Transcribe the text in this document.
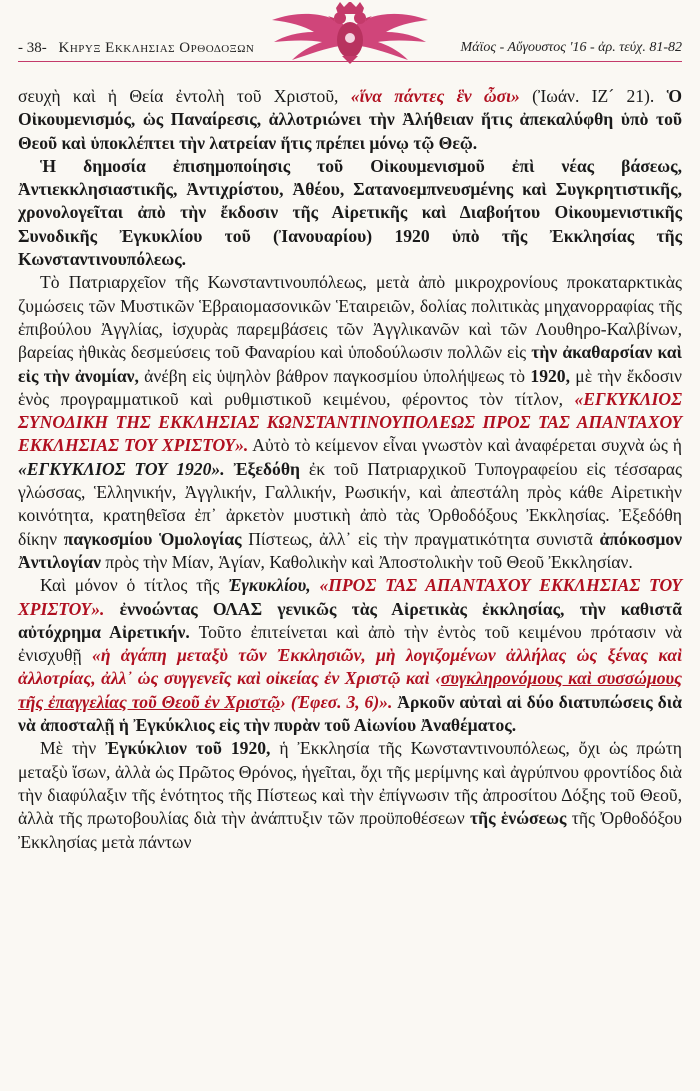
- 38- Κηρυξ Εκκλησιας Ορθοδοξων	Μάϊος - Αὔγουστος '16 - ἀρ. τεύχ. 81-82

σευχὴ καὶ ἡ Θεία ἐντολὴ τοῦ Χριστοῦ, «ἵνα πάντες ἓν ὦσι» (Ἰωάν. ΙΖ´ 21). Ὁ Οἰκουμενισμός, ὡς Παναίρεσις, ἀλλοτριώνει τὴν Ἀλήθειαν ἥτις ἀπεκαλύφθη ὑπὸ τοῦ Θεοῦ καὶ ὑποκλέπτει τὴν λατρείαν ἥτις πρέπει μόνῳ τῷ Θεῷ.

Ἡ δημοσία ἐπισημοποίησις τοῦ Οἰκουμενισμοῦ ἐπὶ νέας βάσεως, Ἀντιεκκλησιαστικῆς, Ἀντιχρίστου, Ἀθέου, Σατανοεμπνευσμένης καὶ Συγκρητιστικῆς, χρονολογεῖται ἀπὸ τὴν ἔκδοσιν τῆς Αἰρετικῆς καὶ Διαβοήτου Οἰκουμενιστικῆς Συνοδικῆς Ἐγκυκλίου τοῦ (Ἰανουαρίου) 1920 ὑπὸ τῆς Ἐκκλησίας τῆς Κωνσταντινουπόλεως.

Τὸ Πατριαρχεῖον τῆς Κωνσταντινουπόλεως, μετὰ ἀπὸ μικροχρονίους προκαταρκτικὰς ζυμώσεις τῶν Μυστικῶν Ἑβραιομασονικῶν Ἑταιρειῶν, δολίας πολιτικὰς μηχανορραφίας τῆς ἐπιβούλου Ἀγγλίας, ἰσχυρὰς παρεμβάσεις τῶν Ἀγγλικανῶν καὶ τῶν Λουθηρο-Καλβίνων, βαρείας ἠθικὰς δεσμεύσεις τοῦ Φαναρίου καὶ ὑποδούλωσιν πολλῶν εἰς τὴν ἀκαθαρσίαν καὶ εἰς τὴν ἀνομίαν, ἀνέβη εἰς ὑψηλὸν βάθρον παγκοσμίου ὑπολήψεως τὸ 1920, μὲ τὴν ἔκδοσιν ἑνὸς προγραμματικοῦ καὶ ρυθμιστικοῦ κειμένου, φέροντος τὸν τίτλον, «ΕΓΚΥΚΛΙΟΣ ΣΥΝΟΔΙΚΗ ΤΗΣ ΕΚΚΛΗΣΙΑΣ ΚΩΝΣΤΑΝΤΙΝΟΥΠΟΛΕΩΣ ΠΡΟΣ ΤΑΣ ΑΠΑΝΤΑΧΟΥ ΕΚΚΛΗΣΙΑΣ ΤΟΥ ΧΡΙΣΤΟΥ». Αὐτὸ τὸ κείμενον εἶναι γνωστὸν καὶ ἀναφέρεται συχνὰ ὡς ἡ «ΕΓΚΥΚΛΙΟΣ ΤΟΥ 1920». Ἐξεδόθη ἐκ τοῦ Πατριαρχικοῦ Τυπογραφείου εἰς τέσσαρας γλώσσας, Ἑλληνικήν, Ἀγγλικήν, Γαλλικήν, Ρωσικήν, καὶ ἀπεστάλη πρὸς κάθε Αἰρετικὴν κοινότητα, κρατηθεῖσα ἐπ᾿ ἀρκετὸν μυστικὴ ἀπὸ τὰς Ὀρθοδόξους Ἐκκλησίας. Ἐξεδόθη δίκην παγκοσμίου Ὁμολογίας Πίστεως, ἀλλ᾿ εἰς τὴν πραγματικότητα συνιστᾶ ἀπόκοσμον Ἀντιλογίαν πρὸς τὴν Μίαν, Ἁγίαν, Καθολικὴν καὶ Ἀποστολικὴν τοῦ Θεοῦ Ἐκκλησίαν.

Καὶ μόνον ὁ τίτλος τῆς Ἐγκυκλίου, «ΠΡΟΣ ΤΑΣ ΑΠΑΝΤΑΧΟΥ ΕΚΚΛΗΣΙΑΣ ΤΟΥ ΧΡΙΣΤΟΥ». ἐννοώντας ΟΛΑΣ γενικῶς τὰς Αἰρετικὰς ἐκκλησίας, τὴν καθιστᾶ αὐτόχρημα Αἰρετικήν. Τοῦτο ἐπιτείνεται καὶ ἀπὸ τὴν ἐντὸς τοῦ κειμένου πρότασιν νὰ ἐνισχυθῇ «ἡ ἀγάπη μεταξὺ τῶν Ἐκκλησιῶν, μὴ λογιζομένων ἀλλήλας ὡς ξένας καὶ ἀλλοτρίας, ἀλλ᾿ ὡς συγγενεῖς καὶ οἰκείας ἐν Χριστῷ καὶ ‹συγκληρονόμους καὶ συσσώμους τῆς ἐπαγγελίας τοῦ Θεοῦ ἐν Χριστῷ› (Ἐφεσ. 3, 6)». Ἀρκοῦν αὐταὶ αἱ δύο διατυπώσεις διὰ νὰ ἀποσταλῇ ἡ Ἐγκύκλιος εἰς τὴν πυρὰν τοῦ Αἰωνίου Ἀναθέματος.

Μὲ τὴν Ἐγκύκλιον τοῦ 1920, ἡ Ἐκκλησία τῆς Κωνσταντινουπόλεως, ὄχι ὡς πρώτη μεταξὺ ἴσων, ἀλλὰ ὡς Πρῶτος Θρόνος, ἡγεῖται, ὄχι τῆς μερίμνης καὶ ἀγρύπνου φροντίδος διὰ τὴν διαφύλαξιν τῆς ἑνότητος τῆς Πίστεως καὶ τὴν ἐπίγνωσιν τῆς ἀπροσίτου Δόξης τοῦ Θεοῦ, ἀλλὰ τῆς πρωτοβουλίας διὰ τὴν ἀνάπτυξιν τῶν προϋποθέσεων τῆς ἑνώσεως τῆς Ὀρθοδόξου Ἐκκλησίας μετὰ πάντων
